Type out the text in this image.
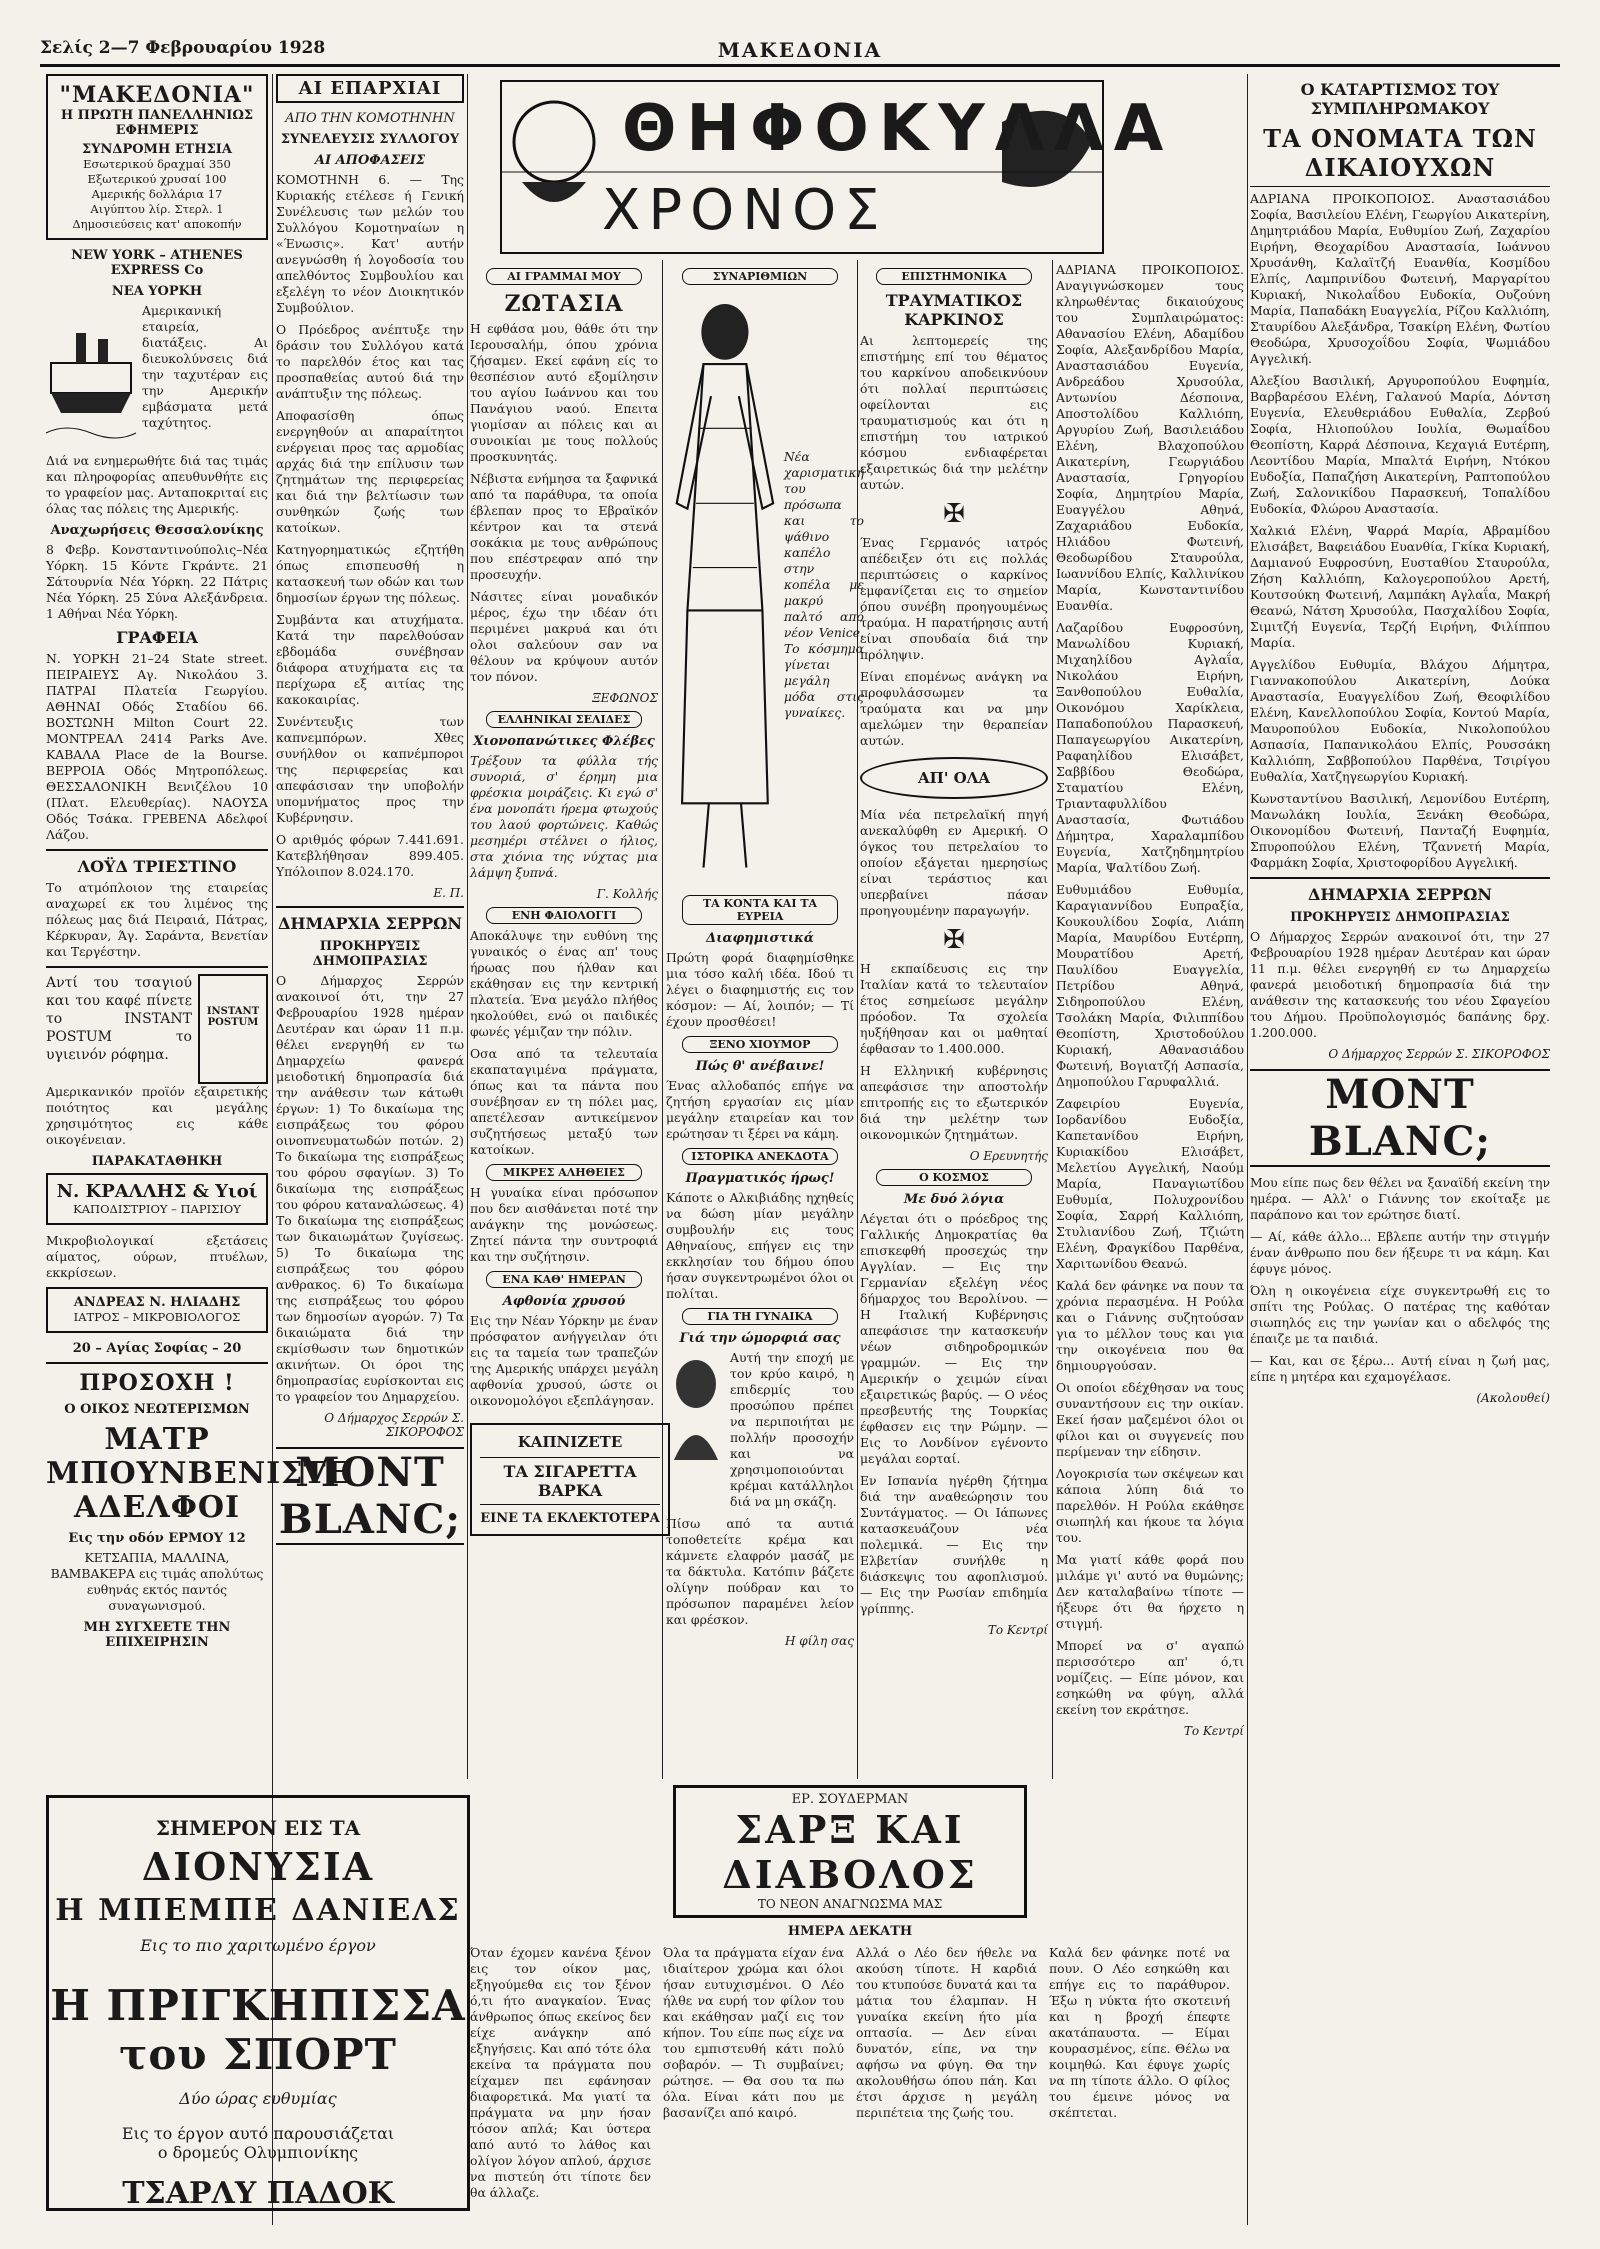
Σελίς 2—7 Φεβρουαρίου 1928	ΜΑΚΕΔΟΝΙΑ
"ΜΑΚΕΔΟΝΙΑ"
Η ΠΡΩΤΗ ΠΑΝΕΛΛΗΝΙΩΣ ΕΦΗΜΕΡΙΣ
ΣΥΝΔΡΟΜΗ ΕΤΗΣΙΑ
Εσωτερικού δραχμαί 350
Εξωτερικού χρυσαί 100
Αμερικής δολλάρια 17
Αιγύπτου λίρ. Στερλ. 1
Δημοσιεύσεις κατ' αποκοπήν
NEW YORK – ATHENES EXPRESS Co
ΝΕΑ ΥΟΡΚΗ

Αμερικανική εταιρεία, διατάξεις. Αι διευκολύνσεις διά την ταχυτέραν εις την Αμερικήν εμβάσματα μετά ταχύτητος.

Διά να ενημερωθήτε διά τας τιμάς και πληροφορίας απευθυνθήτε εις το γραφείον μας. Ανταποκριταί εις όλας τας πόλεις της Αμερικής.

Αναχωρήσεις Θεσσαλονίκης

8 Φεβρ. Κονσταντινούπολις–Νέα Υόρκη. 15 Κόντε Γκράντε. 21 Σάτουρνία Νέα Υόρκη. 22 Πάτρις Νέα Υόρκη. 25 Σύνα Αλεξάνδρεια. 1 Αθήναι Νέα Υόρκη.

ΓΡΑΦΕΙΑ

Ν. ΥΟΡΚΗ 21–24 State street. ΠΕΙΡΑΙΕΥΣ Αγ. Νικολάου 3. ΠΑΤΡΑΙ Πλατεία Γεωργίου. ΑΘΗΝΑΙ Οδός Σταδίου 66. ΒΟΣΤΩΝΗ Milton Court 22. ΜΟΝΤΡΕΑΛ 2414 Parks Ave. ΚΑΒΑΛΑ Place de la Bourse. ΒΕΡΡΟΙΑ Οδός Μητροπόλεως. ΘΕΣΣΑΛΟΝΙΚΗ Βενιζέλου 10 (Πλατ. Ελευθερίας). ΝΑΟΥΣΑ Οδός Τσάκα. ΓΡΕΒΕΝΑ Αδελφοί Λάζου.

ΛΟΫΔ ΤΡΙΕΣΤΙΝΟ

Το ατμόπλοιον της εταιρείας αναχωρεί εκ του λιμένος της πόλεως μας διά Πειραιά, Πάτρας, Κέρκυραν, Άγ. Σαράντα, Βενετίαν και Τεργέστην.

Αντί του τσαγιού και του καφέ πίνετε το INSTANT POSTUM το υγιεινόν ρόφημα.

INSTANT POSTUM

Αμερικανικόν προϊόν εξαιρετικής ποιότητος και μεγάλης χρησιμότητος εις κάθε οικογένειαν.

ΠΑΡΑΚΑΤΑΘΗΚΗ
Ν. ΚΡΑΛΛΗΣ & Υιοί
ΚΑΠΟΔΙΣΤΡΙΟΥ – ΠΑΡΙΣΙΟΥ

Μικροβιολογικαί εξετάσεις αίματος, ούρων, πτυέλων, εκκρίσεων.

ΑΝΔΡΕΑΣ Ν. ΗΛΙΑΔΗΣ
ΙΑΤΡΟΣ – ΜΙΚΡΟΒΙΟΛΟΓΟΣ
20 – Αγίας Σοφίας – 20
ΠΡΟΣΟΧΗ !
Ο ΟΙΚΟΣ ΝΕΩΤΕΡΙΣΜΩΝ
ΜΑΤΡ ΜΠΟΥΝΒΕΝΙΣΤΕ ΑΔΕΛΦΟΙ
Εις την οδόν ΕΡΜΟΥ 12

ΚΕΤΣΑΠΙΑ, ΜΑΛΛΙΝΑ, ΒΑΜΒΑΚΕΡΑ εις τιμάς απολύτως ευθηνάς εκτός παντός συναγωνισμού.

ΜΗ ΣΥΓΧΕΕΤΕ ΤΗΝ ΕΠΙΧΕΙΡΗΣΙΝ
ΑΙ ΕΠΑΡΧΙΑΙ
ΑΠΟ ΤΗΝ ΚΟΜΟΤΗΝΗΝ
ΣΥΝΕΛΕΥΣΙΣ ΣΥΛΛΟΓΟΥ
ΑΙ ΑΠΟΦΑΣΕΙΣ

ΚΟΜΟΤΗΝΗ 6. — Της Κυριακής ετέλεσε ή Γενική Συνέλευσις των μελών του Συλλόγου Κομοτηναίων η «Ένωσις». Κατ' αυτήν ανεγνώσθη ή λογοδοσία του απελθόντος Συμβουλίου και εξελέγη το νέον Διοικητικόν Συμβούλιον.

Ο Πρόεδρος ανέπτυξε την δράσιν του Συλλόγου κατά το παρελθόν έτος και τας προσπαθείας αυτού διά την ανάπτυξιν της πόλεως.

Αποφασίσθη όπως ενεργηθούν αι απαραίτητοι ενέργειαι προς τας αρμοδίας αρχάς διά την επίλυσιν των ζητημάτων της περιφερείας και διά την βελτίωσιν των συνθηκών ζωής των κατοίκων.

Κατηγορηματικώς εζητήθη όπως επισπευσθή η κατασκευή των οδών και των δημοσίων έργων της πόλεως.

Συμβάντα και ατυχήματα. Κατά την παρελθούσαν εβδομάδα συνέβησαν διάφορα ατυχήματα εις τα περίχωρα εξ αιτίας της κακοκαιρίας.

Συνέντευξις των καπνεμπόρων. Χθες συνήλθον οι καπνέμποροι της περιφερείας και απεφάσισαν την υποβολήν υπομνήματος προς την Κυβέρνησιν.

Ο αριθμός φόρων 7.441.691. Κατεβλήθησαν 899.405. Υπόλοιπον 8.024.170.

Ε. Π.
ΔΗΜΑΡΧΙΑ ΣΕΡΡΩΝ
ΠΡΟΚΗΡΥΞΙΣ ΔΗΜΟΠΡΑΣΙΑΣ

Ο Δήμαρχος Σερρών ανακοινοί ότι, την 27 Φεβρουαρίου 1928 ημέραν Δευτέραν και ώραν 11 π.μ. θέλει ενεργηθή εν τω Δημαρχείω φανερά μειοδοτική δημοπρασία διά την ανάθεσιν των κάτωθι έργων: 1) Το δικαίωμα της εισπράξεως του φόρου οινοπνευματωδών ποτών. 2) Το δικαίωμα της εισπράξεως του φόρου σφαγίων. 3) Το δικαίωμα της εισπράξεως του φόρου καταναλώσεως. 4) Το δικαίωμα της εισπράξεως των δικαιωμάτων ζυγίσεως. 5) Το δικαίωμα της εισπράξεως του φόρου ανθρακος. 6) Το δικαίωμα της εισπράξεως του φόρου των δημοσίων αγορών. 7) Τα δικαιώματα διά την εκμίσθωσιν των δημοτικών ακινήτων. Οι όροι της δημοπρασίας ευρίσκονται εις το γραφείον του Δημαρχείου.

Ο Δήμαρχος Σερρών Σ. ΣΙΚΟΡΟΦΟΣ
MONT BLANC;
ΘΗΦΟΚΥΛΛΑ
ΧΡΟΝΟΣ
ΑΙ ΓΡΑΜΜΑΙ ΜΟΥ
ΖΩΤΑΣΙΑ

Η εφθάσα μου, θάθε ότι την Ιερουσαλήμ, όπου χρόνια ζήσαμεν. Εκεί εφάνη είς το θεσπέσιον αυτό εξομίλησιν του αγίου Ιωάννου και του Πανάγιου ναού. Επειτα γιομίσαν αι πόλεις και αι συνοικίαι με τους πολλούς προσκυνητάς.

Νέβιστα ενήμησα τα ξαφνικά από τα παράθυρα, τα οποία έβλεπαν προς το Εβραϊκόν κέντρον και τα στενά σοκάκια με τους ανθρώπους που επέστρεφαν από την προσευχήν.

Νάσιτες είναι μοναδικόν μέρος, έχω την ιδέαν ότι περιμένει μακρυά και ότι ολοι σαλεύουν σαν να θέλουν να κρύψουν αυτόν τον πόνον.

ΞΕΦΩΝΟΣ
ΕΛΛΗΝΙΚΑΙ ΣΕΛΙΔΕΣ
Χιονοπανώτικες Φλέβες

Τρέξουν τα φύλλα τής συνοριά, σ' έρημη μια φρέσκια μοιράζεις. Κι εγώ σ' ένα μονοπάτι ήρεμα φτωχούς του λαού φορτώνεις. Καθώς μεσημέρι στέλνει ο ήλιος, στα χιόνια της νύχτας μια λάμψη ξυπνά.

Γ. Κολλής
ΕΝΗ ΦΑΙΟΛΟΓΓΙ

Αποκάλυψε την ευθύνη της γυναικός ο ένας απ' τους ήρωας που ήλθαν και εκάθησαν εις την κεντρική πλατεία. Ένα μεγάλο πλήθος ηκολούθει, ενώ οι παιδικές φωνές γέμιζαν την πόλιν.

Οσα από τα τελευταία εκαπαταγιμένα πράγματα, όπως και τα πάντα που συνέβησαν εν τη πόλει μας, απετέλεσαν αντικείμενον συζητήσεως μεταξύ των κατοίκων.

ΜΙΚΡΕΣ ΑΛΗΘΕΙΕΣ

Η γυναίκα είναι πρόσωπον που δεν αισθάνεται ποτέ την ανάγκην της μονώσεως. Ζητεί πάντα την συντροφιά και την συζήτησιν.

ΕΝΑ ΚΑΘ' ΗΜΕΡΑΝ
Αφθονία χρυσού

Εις την Νέαν Υόρκην με έναν πρόσφατον ανήγγειλαν ότι εις τα ταμεία των τραπεζών της Αμερικής υπάρχει μεγάλη αφθονία χρυσού, ώστε οι οικονομολόγοι εξεπλάγησαν.

ΚΑΠΝΙΖΕΤΕ
ΤΑ ΣΙΓΑΡΕΤΤΑ ΒΑΡΚΑ
ΕΙΝΕ ΤΑ ΕΚΛΕΚΤΟΤΕΡΑ
ΣΥΝΑΡΙΘΜΙΩΝ

Νέα χαρισματική του πρόσωπα και το ψάθινο καπέλο στην κοπέλα με μακρύ παλτό από νέον Venice. Το κόσμημα γίνεται μεγάλη μόδα στις γυναίκες.

ΤΑ ΚΟΝΤΑ ΚΑΙ ΤΑ ΕΥΡΕΙΑ
Διαφημιστικά

Πρώτη φορά διαφημίσθηκε μια τόσο καλή ιδέα. Ιδού τι λέγει ο διαφημιστής εις τον κόσμον: — Αί, λοιπόν; — Τί έχουν προσθέσει!

ΞΕΝΟ ΧΙΟΥΜΟΡ
Πώς θ' ανέβαινε!

Ένας αλλοδαπός επήγε να ζητήση εργασίαν εις μίαν μεγάλην εταιρείαν και τον ερώτησαν τι ξέρει να κάμη.

ΙΣΤΟΡΙΚΑ ΑΝΕΚΔΟΤΑ
Πραγματικός ήρως!

Κάποτε ο Αλκιβιάδης ηχηθείς να δώση μίαν μεγάλην συμβουλήν εις τους Αθηναίους, επήγεν εις την εκκλησίαν του δήμου όπου ήσαν συγκεντρωμένοι όλοι οι πολίται.

ΓΙΑ ΤΗ ΓΥΝΑΙΚΑ
Γιά την ώμορφιά σας

Αυτή την εποχή με τον κρύο καιρό, η επιδερμίς του προσώπου πρέπει να περιποιήται με πολλήν προσοχήν και να χρησιμοποιούνται κρέμαι κατάλληλοι διά να μη σκάζη.

Πίσω από τα αυτιά τοποθετείτε κρέμα και κάμνετε ελαφρόν μασάζ με τα δάκτυλα. Κατόπιν βάζετε ολίγην πούδραν και το πρόσωπον παραμένει λείον και φρέσκον.

Η φίλη σας
ΕΠΙΣΤΗΜΟΝΙΚΑ
ΤΡΑΥΜΑΤΙΚΟΣ ΚΑΡΚΙΝΟΣ

Αι λεπτομερείς της επιστήμης επί του θέματος του καρκίνου αποδεικνύουν ότι πολλαί περιπτώσεις οφείλονται εις τραυματισμούς και ότι η επιστήμη του ιατρικού κόσμου ενδιαφέρεται εξαιρετικώς διά την μελέτην αυτών.

✠

Ένας Γερμανός ιατρός απέδειξεν ότι εις πολλάς περιπτώσεις ο καρκίνος εμφανίζεται εις το σημείον όπου συνέβη προηγουμένως τραύμα. Η παρατήρησις αυτή είναι σπουδαία διά την πρόληψιν.

Είναι επομένως ανάγκη να προφυλάσσωμεν τα τραύματα και να μην αμελώμεν την θεραπείαν αυτών.

ΑΠ' ΟΛΑ

Μία νέα πετρελαϊκή πηγή ανεκαλύφθη εν Αμερική. Ο όγκος του πετρελαίου το οποίον εξάγεται ημερησίως είναι τεράστιος και υπερβαίνει πάσαν προηγουμένην παραγωγήν.

✠

Η εκπαίδευσις εις την Ιταλίαν κατά το τελευταίον έτος εσημείωσε μεγάλην πρόοδον. Τα σχολεία ηυξήθησαν και οι μαθηταί έφθασαν το 1.400.000.

Η Ελληνική κυβέρνησις απεφάσισε την αποστολήν επιτροπής εις το εξωτερικόν διά την μελέτην των οικονομικών ζητημάτων.

Ο Ερευνητής
Ο ΚΟΣΜΟΣ
Με δυό λόγια

Λέγεται ότι ο πρόεδρος της Γαλλικής Δημοκρατίας θα επισκεφθή προσεχώς την Αγγλίαν. — Εις την Γερμανίαν εξελέγη νέος δήμαρχος του Βερολίνου. — Η Ιταλική Κυβέρνησις απεφάσισε την κατασκευήν νέων σιδηροδρομικών γραμμών. — Εις την Αμερικήν ο χειμών είναι εξαιρετικώς βαρύς. — Ο νέος πρεσβευτής της Τουρκίας έφθασεν εις την Ρώμην. — Εις το Λονδίνον εγένοντο μεγάλαι εορταί.

Εν Ισπανία ηγέρθη ζήτημα διά την αναθεώρησιν του Συντάγματος. — Οι Ιάπωνες κατασκευάζουν νέα πολεμικά. — Εις την Ελβετίαν συνήλθε η διάσκεψις του αφοπλισμού. — Εις την Ρωσίαν επιδημία γρίππης.

Το Κεντρί

ΑΔΡΙΑΝΑ ΠΡΟΙΚΟΠΟΙΟΣ. Αναγιγνώσκομεν τους κληρωθέντας δικαιούχους του Συμπλαιρώματος: Αθανασίου Ελένη, Αδαμίδου Σοφία, Αλεξανδρίδου Μαρία, Αναστασιάδου Ευγενία, Ανδρεάδου Χρυσούλα, Αντωνίου Δέσποινα, Αποστολίδου Καλλιόπη, Αργυρίου Ζωή, Βασιλειάδου Ελένη, Βλαχοπούλου Αικατερίνη, Γεωργιάδου Αναστασία, Γρηγορίου Σοφία, Δημητρίου Μαρία, Ευαγγέλου Αθηνά, Ζαχαριάδου Ευδοκία, Ηλιάδου Φωτεινή, Θεοδωρίδου Σταυρούλα, Ιωαννίδου Ελπίς, Καλλινίκου Μαρία, Κωνσταντινίδου Ευανθία.

Λαζαρίδου Ευφροσύνη, Μανωλίδου Κυριακή, Μιχαηλίδου Αγλαΐα, Νικολάου Ειρήνη, Ξανθοπούλου Ευθαλία, Οικονόμου Χαρίκλεια, Παπαδοπούλου Παρασκευή, Παπαγεωργίου Αικατερίνη, Ραφαηλίδου Ελισάβετ, Σαββίδου Θεοδώρα, Σταματίου Ελένη, Τριανταφυλλίδου Αναστασία, Φωτιάδου Δήμητρα, Χαραλαμπίδου Ευγενία, Χατζηδημητρίου Μαρία, Ψαλτίδου Ζωή.

Ευθυμιάδου Ευθυμία, Καραγιαννίδου Ευπραξία, Κουκουλίδου Σοφία, Λιάπη Μαρία, Μαυρίδου Ευτέρπη, Μουρατίδου Αρετή, Παυλίδου Ευαγγελία, Πετρίδου Αθηνά, Σιδηροπούλου Ελένη, Τσολάκη Μαρία, Φιλιππίδου Θεοπίστη, Χριστοδούλου Κυριακή, Αθανασιάδου Φωτεινή, Βογιατζή Ασπασία, Δημοπούλου Γαρυφαλλιά.

Ζαφειρίου Ευγενία, Ιορδανίδου Ευδοξία, Καπετανίδου Ειρήνη, Κυριακίδου Ελισάβετ, Μελετίου Αγγελική, Ναούμ Μαρία, Παναγιωτίδου Ευθυμία, Πολυχρονίδου Σοφία, Σαρρή Καλλιόπη, Στυλιανίδου Ζωή, Τζιώτη Ελένη, Φραγκίδου Παρθένα, Χαριτωνίδου Θεανώ.

Καλά δεν φάνηκε να πουν τα χρόνια περασμένα. Η Ρούλα και ο Γιάννης συζητούσαν για το μέλλον τους και για την οικογένεια που θα δημιουργούσαν.

Οι οποίοι εδέχθησαν να τους συναντήσουν εις την οικίαν. Εκεί ήσαν μαζεμένοι όλοι οι φίλοι και οι συγγενείς που περίμεναν την είδησιν.

Λογοκρισία των σκέψεων και κάποια λύπη διά το παρελθόν. Η Ρούλα εκάθησε σιωπηλή και ήκουε τα λόγια του.

Μα γιατί κάθε φορά που μιλάμε γι' αυτό να θυμώνης; Δεν καταλαβαίνω τίποτε — ήξευρε ότι θα ήρχετο η στιγμή.

Μπορεί να σ' αγαπώ περισσότερο απ' ό,τι νομίζεις. — Είπε μόνον, και εσηκώθη να φύγη, αλλά εκείνη τον εκράτησε.

Το Κεντρί
Ο ΚΑΤΑΡΤΙΣΜΟΣ ΤΟΥ ΣΥΜΠΛΗΡΩΜΑΚΟΥ
ΤΑ ΟΝΟΜΑΤΑ ΤΩΝ ΔΙΚΑΙΟΥΧΩΝ

ΑΔΡΙΑΝΑ ΠΡΟΙΚΟΠΟΙΟΣ. Αναστασιάδου Σοφία, Βασιλείου Ελένη, Γεωργίου Αικατερίνη, Δημητριάδου Μαρία, Ευθυμίου Ζωή, Ζαχαρίου Ειρήνη, Θεοχαρίδου Αναστασία, Ιωάννου Χρυσάνθη, Καλαϊτζή Ευανθία, Κοσμίδου Ελπίς, Λαμπρινίδου Φωτεινή, Μαργαρίτου Κυριακή, Νικολαΐδου Ευδοκία, Ουζούνη Μαρία, Παπαδάκη Ευαγγελία, Ρίζου Καλλιόπη, Σταυρίδου Αλεξάνδρα, Τσακίρη Ελένη, Φωτίου Θεοδώρα, Χρυσοχοΐδου Σοφία, Ψωμιάδου Αγγελική.

Αλεξίου Βασιλική, Αργυροπούλου Ευφημία, Βαρβαρέσου Ελένη, Γαλανού Μαρία, Δόντση Ευγενία, Ελευθεριάδου Ευθαλία, Ζερβού Σοφία, Ηλιοπούλου Ιουλία, Θωμαΐδου Θεοπίστη, Καρρά Δέσποινα, Κεχαγιά Ευτέρπη, Λεοντίδου Μαρία, Μπαλτά Ειρήνη, Ντόκου Ευδοξία, Παπαζήση Αικατερίνη, Ραπτοπούλου Ζωή, Σαλονικίδου Παρασκευή, Τοπαλίδου Ευδοκία, Φλώρου Αναστασία.

Χαλκιά Ελένη, Ψαρρά Μαρία, Αβραμίδου Ελισάβετ, Βαφειάδου Ευανθία, Γκίκα Κυριακή, Δαμιανού Ευφροσύνη, Ευσταθίου Σταυρούλα, Ζήση Καλλιόπη, Καλογεροπούλου Αρετή, Κουτσούκη Φωτεινή, Λαμπάκη Αγλαΐα, Μακρή Θεανώ, Νάτση Χρυσούλα, Πασχαλίδου Σοφία, Σιμιτζή Ευγενία, Τερζή Ειρήνη, Φιλίππου Μαρία.

Αγγελίδου Ευθυμία, Βλάχου Δήμητρα, Γιαννακοπούλου Αικατερίνη, Δούκα Αναστασία, Ευαγγελίδου Ζωή, Θεοφιλίδου Ελένη, Κανελλοπούλου Σοφία, Κοντού Μαρία, Μαυροπούλου Ευδοκία, Νικολοπούλου Ασπασία, Παπανικολάου Ελπίς, Ρουσσάκη Καλλιόπη, Σαββοπούλου Παρθένα, Τσιρίγου Ευθαλία, Χατζηγεωργίου Κυριακή.

Κωνσταντίνου Βασιλική, Λεμονίδου Ευτέρπη, Μανωλάκη Ιουλία, Ξενάκη Θεοδώρα, Οικονομίδου Φωτεινή, Πανταζή Ευφημία, Σπυροπούλου Ελένη, Τζαννετή Μαρία, Φαρμάκη Σοφία, Χριστοφορίδου Αγγελική.

ΔΗΜΑΡΧΙΑ ΣΕΡΡΩΝ
ΠΡΟΚΗΡΥΞΙΣ ΔΗΜΟΠΡΑΣΙΑΣ

Ο Δήμαρχος Σερρών ανακοινοί ότι, την 27 Φεβρουαρίου 1928 ημέραν Δευτέραν και ώραν 11 π.μ. θέλει ενεργηθή εν τω Δημαρχείω φανερά μειοδοτική δημοπρασία διά την ανάθεσιν της κατασκευής του νέου Σφαγείου του Δήμου. Προϋπολογισμός δαπάνης δρχ. 1.200.000.

Ο Δήμαρχος Σερρών Σ. ΣΙΚΟΡΟΦΟΣ
MONT BLANC;

Μου είπε πως δεν θέλει να ξαναϊδή εκείνη την ημέρα. — Αλλ' ο Γιάννης τον εκοίταξε με παράπονο και τον ερώτησε διατί.

— Αί, κάθε άλλο... Εβλεπε αυτήν την στιγμήν έναν άνθρωπο που δεν ήξευρε τι να κάμη. Και έφυγε μόνος.

Όλη η οικογένεια είχε συγκεντρωθή εις το σπίτι της Ρούλας. Ο πατέρας της καθόταν σιωπηλός εις την γωνίαν και ο αδελφός της έπαιζε με τα παιδιά.

— Και, και σε ξέρω... Αυτή είναι η ζωή μας, είπε η μητέρα και εχαμογέλασε.

(Ακολουθεί)
ΣΗΜΕΡΟΝ ΕΙΣ ΤΑ
ΔΙΟΝΥΣΙΑ
Η ΜΠΕΜΠΕ ΔΑΝΙΕΛΣ
Εις το πιο χαριτωμένο έργον
Η ΠΡΙΓΚΗΠΙΣΣΑ του ΣΠΟΡΤ
Δύο ώρας ευθυμίας
Εις το έργον αυτό παρουσιάζεται
ο δρομεύς Ολυμπιονίκης
ΤΣΑΡΛΥ ΠΑΔΟΚ
ΕΡ. ΣΟΥΔΕΡΜΑΝ
ΣΑΡΞ ΚΑΙ ΔΙΑΒΟΛΟΣ
ΤΟ ΝΕΟΝ ΑΝΑΓΝΩΣΜΑ ΜΑΣ
ΗΜΕΡΑ ΔΕΚΑΤΗ

Όταν έχομεν κανένα ξένον εις τον οίκον μας, εξηγούμεθα εις τον ξένον ό,τι ήτο αναγκαίον. Ένας άνθρωπος όπως εκείνος δεν είχε ανάγκην από εξηγήσεις. Και από τότε όλα εκείνα τα πράγματα που είχαμεν πει εφάνησαν διαφορετικά. Μα γιατί τα πράγματα να μην ήσαν τόσον απλά; Και ύστερα από αυτό το λάθος και ολίγον λόγον απλού, άρχισε να πιστεύη ότι τίποτε δεν θα άλλαζε.

Όλα τα πράγματα είχαν ένα ιδιαίτερον χρώμα και όλοι ήσαν ευτυχισμένοι. Ο Λέο ήλθε να ευρή τον φίλον του και εκάθησαν μαζί εις τον κήπον. Του είπε πως είχε να του εμπιστευθή κάτι πολύ σοβαρόν. — Τι συμβαίνει; ρώτησε. — Θα σου τα πω όλα. Είναι κάτι που με βασανίζει από καιρό.

Αλλά ο Λέο δεν ήθελε να ακούση τίποτε. Η καρδιά του κτυπούσε δυνατά και τα μάτια του έλαμπαν. Η γυναίκα εκείνη ήτο μία οπτασία. — Δεν είναι δυνατόν, είπε, να την αφήσω να φύγη. Θα την ακολουθήσω όπου πάη. Και έτσι άρχισε η μεγάλη περιπέτεια της ζωής του.

Καλά δεν φάνηκε ποτέ να πουν. Ο Λέο εσηκώθη και επήγε εις το παράθυρον. Έξω η νύκτα ήτο σκοτεινή και η βροχή έπεφτε ακατάπαυστα. — Είμαι κουρασμένος, είπε. Θέλω να κοιμηθώ. Και έφυγε χωρίς να πη τίποτε άλλο. Ο φίλος του έμεινε μόνος να σκέπτεται.
